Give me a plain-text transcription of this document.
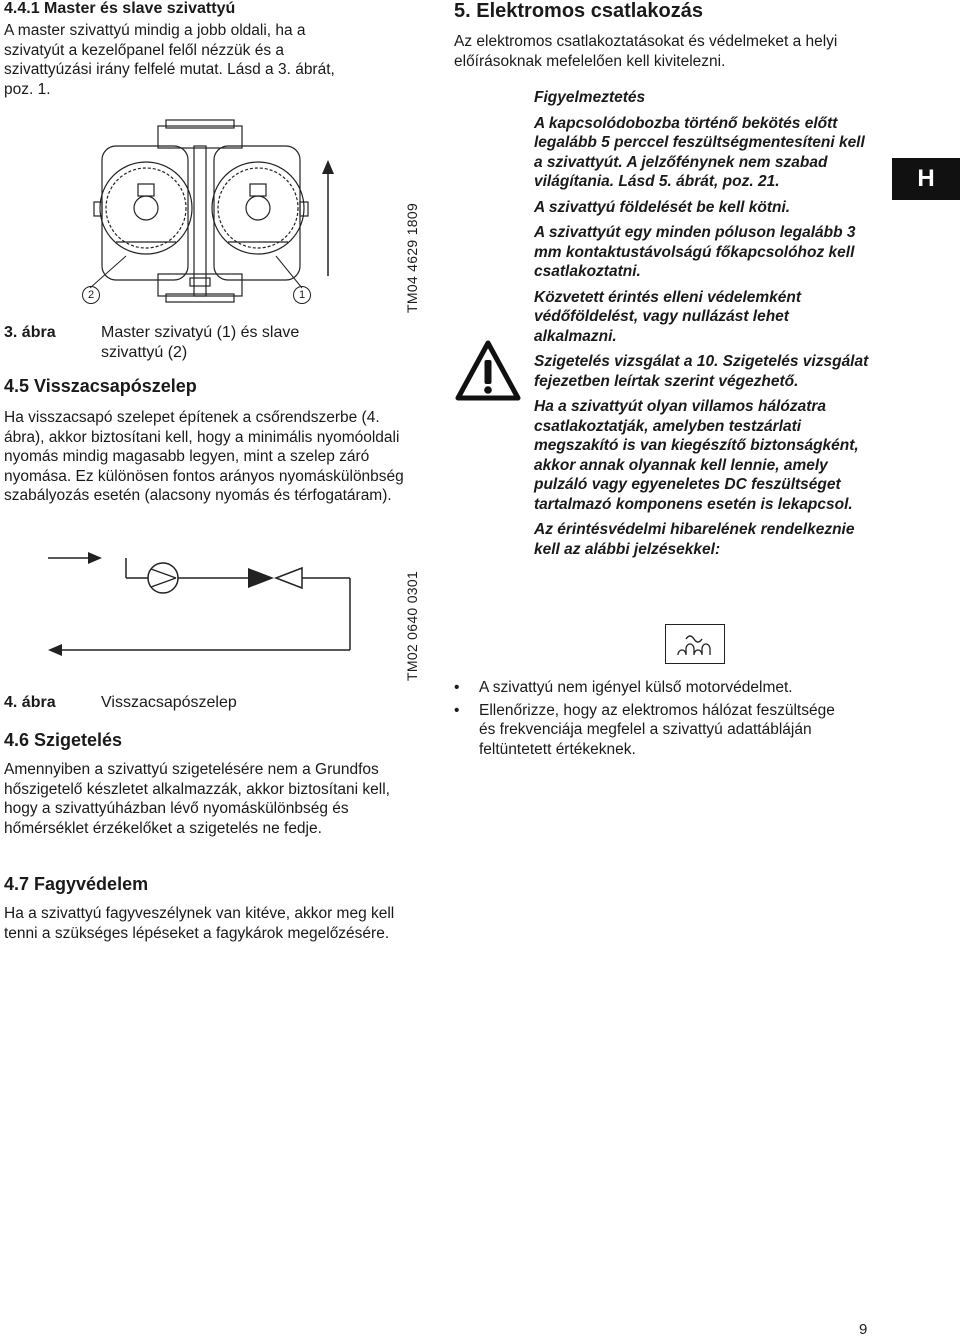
4.4.1 Master és slave szivattyú

A master szivattyú mindig a jobb oldali, ha a szivatyút a kezelőpanel felől nézzük és a szivattyúzási irány felfelé mutat. Lásd a 3. ábrát, poz. 1.

2	1	TM04 4629 1809
3. ábra	Master szivatyú (1) és slave szivattyú (2)
4.5 Visszacsapószelep

Ha visszacsapó szelepet építenek a csőrendszerbe (4. ábra), akkor biztosítani kell, hogy a minimális nyomóoldali nyomás mindig magasabb legyen, mint a szelep záró nyomása. Ez különösen fontos arányos nyomáskülönbség szabályozás esetén (alacsony nyomás és térfogatáram).

TM02 0640 0301
4. ábra	Visszacsapószelep
4.6 Szigetelés

Amennyiben a szivattyú szigetelésére nem a Grundfos hőszigetelő készletet alkalmazzák, akkor biztosítani kell, hogy a szivattyúházban lévő nyomáskülönbség és hőmérséklet érzékelőket a szigetelés ne fedje.

4.7 Fagyvédelem

Ha a szivattyú fagyveszélynek van kitéve, akkor meg kell tenni a szükséges lépéseket a fagykárok megelőzésére.

5. Elektromos csatlakozás

Az elektromos csatlakoztatásokat és védelmeket a helyi előírásoknak mefelelően kell kivitelezni.

Figyelmeztetés

A kapcsolódobozba történő bekötés előtt legalább 5 perccel feszültségmentesíteni kell a szivattyút. A jelzőfénynek nem szabad világítania. Lásd 5. ábrát, poz. 21.

A szivattyú földelését be kell kötni.

A szivattyút egy minden póluson legalább 3 mm kontaktustávolságú főkapcsolóhoz kell csatlakoztatni.

Közvetett érintés elleni védelemként védőföldelést, vagy nullázást lehet alkalmazni.

Szigetelés vizsgálat a 10. Szigetelés vizsgálat fejezetben leírtak szerint végezhető.

Ha a szivattyút olyan villamos hálózatra csatlakoztatják, amelyben testzárlati megszakító is van kiegészítő biztonságként, akkor annak olyannak kell lennie, amely pulzáló vagy egyeneletes DC feszültséget tartalmazó komponens esetén is lekapcsol.

Az érintésvédelmi hibarelének rendelkeznie kell az alábbi jelzésekkel:

• A szivattyú nem igényel külső motorvédelmet.
• Ellenőrizze, hogy az elektromos hálózat feszültsége és frekvenciája megfelel a szivattyú adattábláján feltüntetett értékeknek.
H
9
